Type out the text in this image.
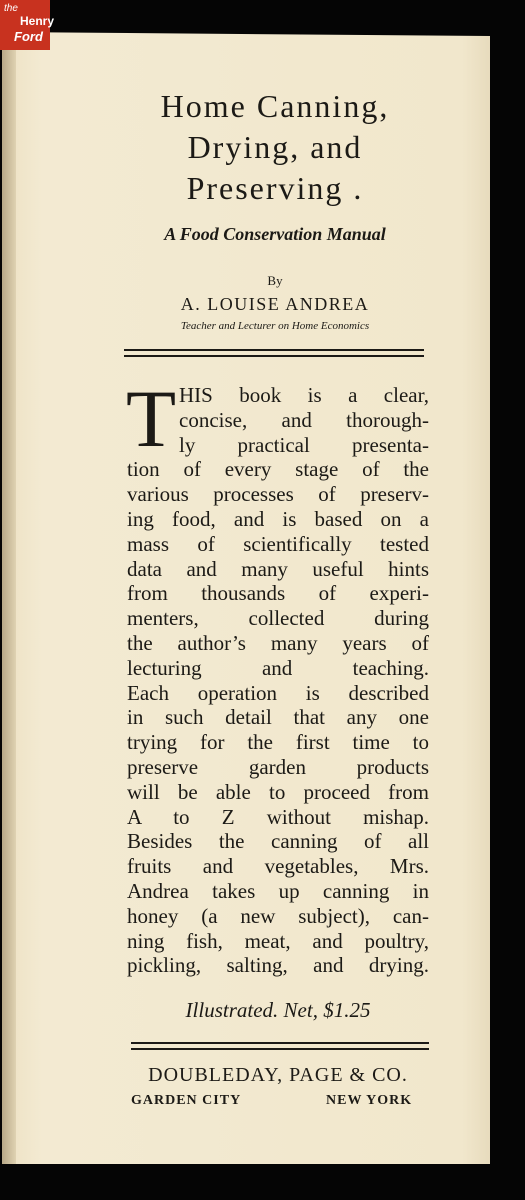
the
Henry
Ford
Home Canning,
Drying, and
Preserving .
A Food Conservation Manual
By
A. LOUISE ANDREA
Teacher and Lecturer on Home Economics
T HIS book is a clear,
concise, and thorough-
ly practical presenta-
tion of every stage of the
various processes of preserv-
ing food, and is based on a
mass of scientifically tested
data and many useful hints
from thousands of experi-
menters, collected during
the author’s many years of
lecturing and teaching.
Each operation is described
in such detail that any one
trying for the first time to
preserve garden products
will be able to proceed from
A to Z without mishap.
Besides the canning of all
fruits and vegetables, Mrs.
Andrea takes up canning in
honey (a new subject), can-
ning fish, meat, and poultry,
pickling, salting, and drying.
Illustrated. Net, $1.25
DOUBLEDAY, PAGE & CO.
GARDEN CITY	NEW YORK
